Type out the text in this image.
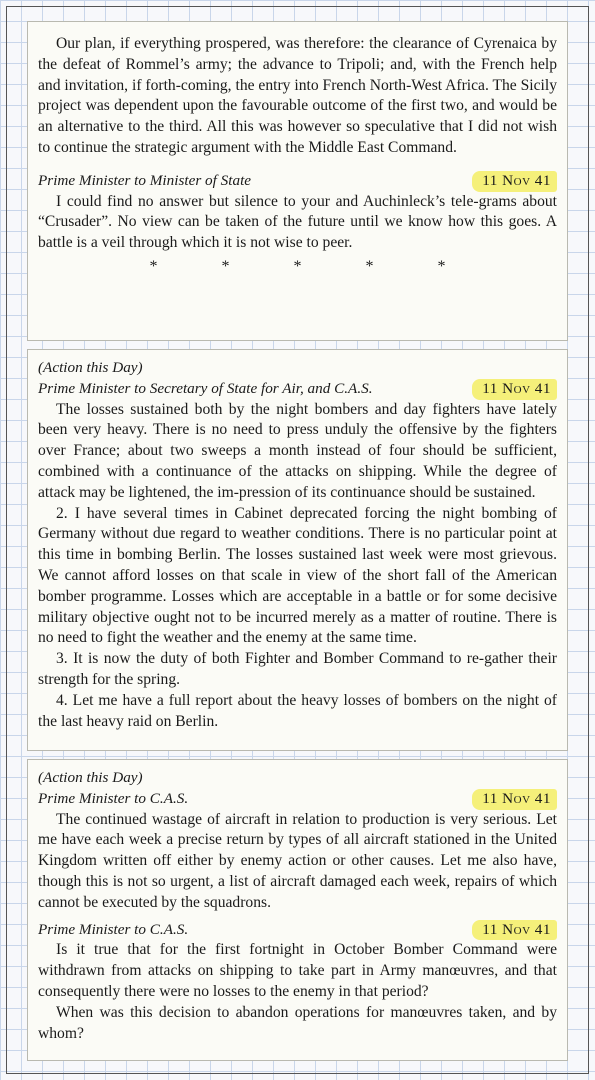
Our plan, if everything prospered, was therefore: the clearance of Cyrenaica by the defeat of Rommel’s army; the advance to Tripoli; and, with the French help and invitation, if forth-coming, the entry into French North-West Africa. The Sicily project was dependent upon the favourable outcome of the first two, and would be an alternative to the third. All this was however so speculative that I did not wish to continue the strategic argument with the Middle East Command.

Prime Minister to Minister of State	11 Nov 41

I could find no answer but silence to your and Auchinleck’s tele-grams about “Crusader”. No view can be taken of the future until we know how this goes. A battle is a veil through which it is not wise to peer.

* * * * *
(Action this Day)
Prime Minister to Secretary of State for Air, and C.A.S.	11 Nov 41

The losses sustained both by the night bombers and day fighters have lately been very heavy. There is no need to press unduly the offensive by the fighters over France; about two sweeps a month instead of four should be sufficient, combined with a continuance of the attacks on shipping. While the degree of attack may be lightened, the im-pression of its continuance should be sustained.

2. I have several times in Cabinet deprecated forcing the night bombing of Germany without due regard to weather conditions. There is no particular point at this time in bombing Berlin. The losses sustained last week were most grievous. We cannot afford losses on that scale in view of the short fall of the American bomber programme. Losses which are acceptable in a battle or for some decisive military objective ought not to be incurred merely as a matter of routine. There is no need to fight the weather and the enemy at the same time.

3. It is now the duty of both Fighter and Bomber Command to re-gather their strength for the spring.

4. Let me have a full report about the heavy losses of bombers on the night of the last heavy raid on Berlin.

(Action this Day)
Prime Minister to C.A.S.	11 Nov 41

The continued wastage of aircraft in relation to production is very serious. Let me have each week a precise return by types of all aircraft stationed in the United Kingdom written off either by enemy action or other causes. Let me also have, though this is not so urgent, a list of aircraft damaged each week, repairs of which cannot be executed by the squadrons.

Prime Minister to C.A.S.	11 Nov 41

Is it true that for the first fortnight in October Bomber Command were withdrawn from attacks on shipping to take part in Army manœuvres, and that consequently there were no losses to the enemy in that period?

When was this decision to abandon operations for manœuvres taken, and by whom?
